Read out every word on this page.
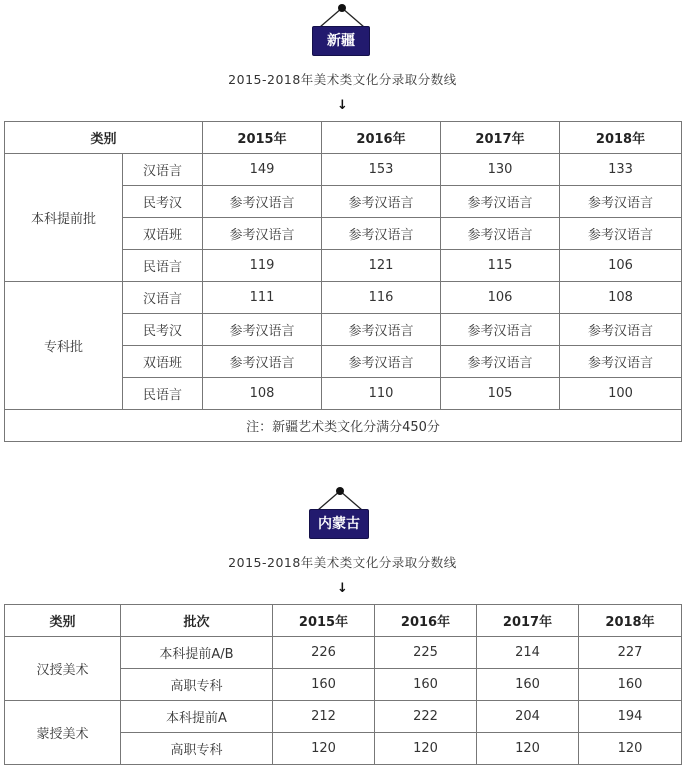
新疆
2015-2018年美术类文化分录取分数线
↓
类别		2015年	2016年	2017年	2018年
本科提前批	汉语言	149	153	130	133
	民考汉	参考汉语言	参考汉语言	参考汉语言	参考汉语言
	双语班	参考汉语言	参考汉语言	参考汉语言	参考汉语言
	民语言	119	121	115	106
专科批	汉语言	111	116	106	108
	民考汉	参考汉语言	参考汉语言	参考汉语言	参考汉语言
	双语班	参考汉语言	参考汉语言	参考汉语言	参考汉语言
	民语言	108	110	105	100
注：新疆艺术类文化分满分450分					
内蒙古
2015-2018年美术类文化分录取分数线
↓
类别	批次	2015年	2016年	2017年	2018年
汉授美术	本科提前A/B	226	225	214	227
	高职专科	160	160	160	160
蒙授美术	本科提前A	212	222	204	194
	高职专科	120	120	120	120
